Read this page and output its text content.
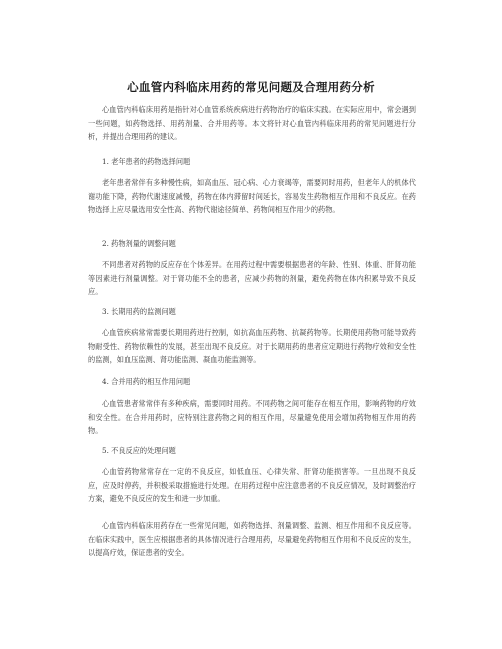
心血管内科临床用药的常见问题及合理用药分析

心血管内科临床用药是指针对心血管系统疾病进行药物治疗的临床实践。在实际应用中，常会遇到一些问题，如药物选择、用药剂量、合并用药等。本文将针对心血管内科临床用药的常见问题进行分析，并提出合理用药的建议。

1. 老年患者的药物选择问题

老年患者常伴有多种慢性病，如高血压、冠心病、心力衰竭等，需要同时用药，但老年人的机体代谢功能下降，药物代谢速度减慢，药物在体内滞留时间延长，容易发生药物相互作用和不良反应。在药物选择上应尽量选用安全性高、药物代谢途径简单、药物间相互作用少的药物。

2. 药物剂量的调整问题

不同患者对药物的反应存在个体差异。在用药过程中需要根据患者的年龄、性别、体重、肝肾功能等因素进行剂量调整。对于肾功能不全的患者，应减少药物的剂量，避免药物在体内积累导致不良反应。

3. 长期用药的监测问题

心血管疾病常常需要长期用药进行控制，如抗高血压药物、抗凝药物等。长期使用药物可能导致药物耐受性、药物依赖性的发展，甚至出现不良反应。对于长期用药的患者应定期进行药物疗效和安全性的监测，如血压监测、肾功能监测、凝血功能监测等。

4. 合并用药的相互作用问题

心血管患者常常伴有多种疾病，需要同时用药。不同药物之间可能存在相互作用，影响药物的疗效和安全性。在合并用药时，应特别注意药物之间的相互作用，尽量避免使用会增加药物相互作用的药物。

5. 不良反应的处理问题

心血管药物常常存在一定的不良反应，如低血压、心律失常、肝肾功能损害等。一旦出现不良反应，应及时停药，并积极采取措施进行处理。在用药过程中应注意患者的不良反应情况，及时调整治疗方案，避免不良反应的发生和进一步加重。

心血管内科临床用药存在一些常见问题，如药物选择、剂量调整、监测、相互作用和不良反应等。在临床实践中，医生应根据患者的具体情况进行合理用药，尽量避免药物相互作用和不良反应的发生，以提高疗效，保证患者的安全。
